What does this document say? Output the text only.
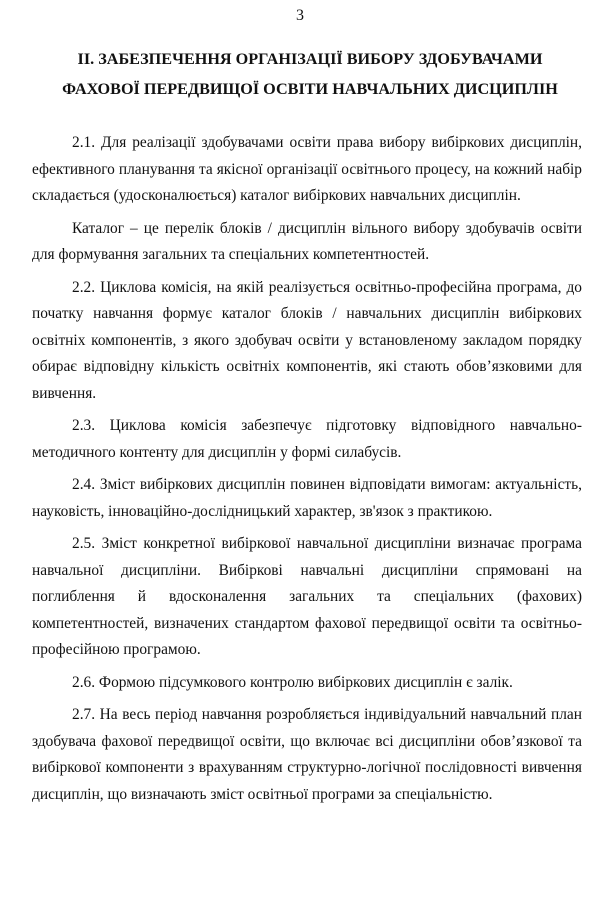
3
ІІ. ЗАБЕЗПЕЧЕННЯ ОРГАНІЗАЦІЇ ВИБОРУ ЗДОБУВАЧАМИ
ФАХОВОЇ ПЕРЕДВИЩОЇ ОСВІТИ НАВЧАЛЬНИХ ДИСЦИПЛІН

2.1. Для реалізації здобувачами освіти права вибору вибіркових дисциплін, ефективного планування та якісної організації освітнього процесу, на кожний набір складається (удосконалюється) каталог вибіркових навчальних дисциплін.

Каталог – це перелік блоків / дисциплін вільного вибору здобувачів освіти для формування загальних та спеціальних компетентностей.

2.2. Циклова комісія, на якій реалізується освітньо-професійна програма, до початку навчання формує каталог блоків / навчальних дисциплін вибіркових освітніх компонентів, з якого здобувач освіти у встановленому закладом порядку обирає відповідну кількість освітніх компонентів, які стають обов’язковими для вивчення.

2.3. Циклова комісія забезпечує підготовку відповідного навчально-методичного контенту для дисциплін у формі силабусів.

2.4. Зміст вибіркових дисциплін повинен відповідати вимогам: актуальність, науковість, інноваційно-дослідницький характер, зв'язок з практикою.

2.5. Зміст конкретної вибіркової навчальної дисципліни визначає програма навчальної дисципліни. Вибіркові навчальні дисципліни спрямовані на поглиблення й вдосконалення загальних та спеціальних (фахових) компетентностей, визначених стандартом фахової передвищої освіти та освітньо-професійною програмою.

2.6. Формою підсумкового контролю вибіркових дисциплін є залік.

2.7. На весь період навчання розробляється індивідуальний навчальний план здобувача фахової передвищої освіти, що включає всі дисципліни обов’язкової та вибіркової компоненти з врахуванням структурно-логічної послідовності вивчення дисциплін, що визначають зміст освітньої програми за спеціальністю.
